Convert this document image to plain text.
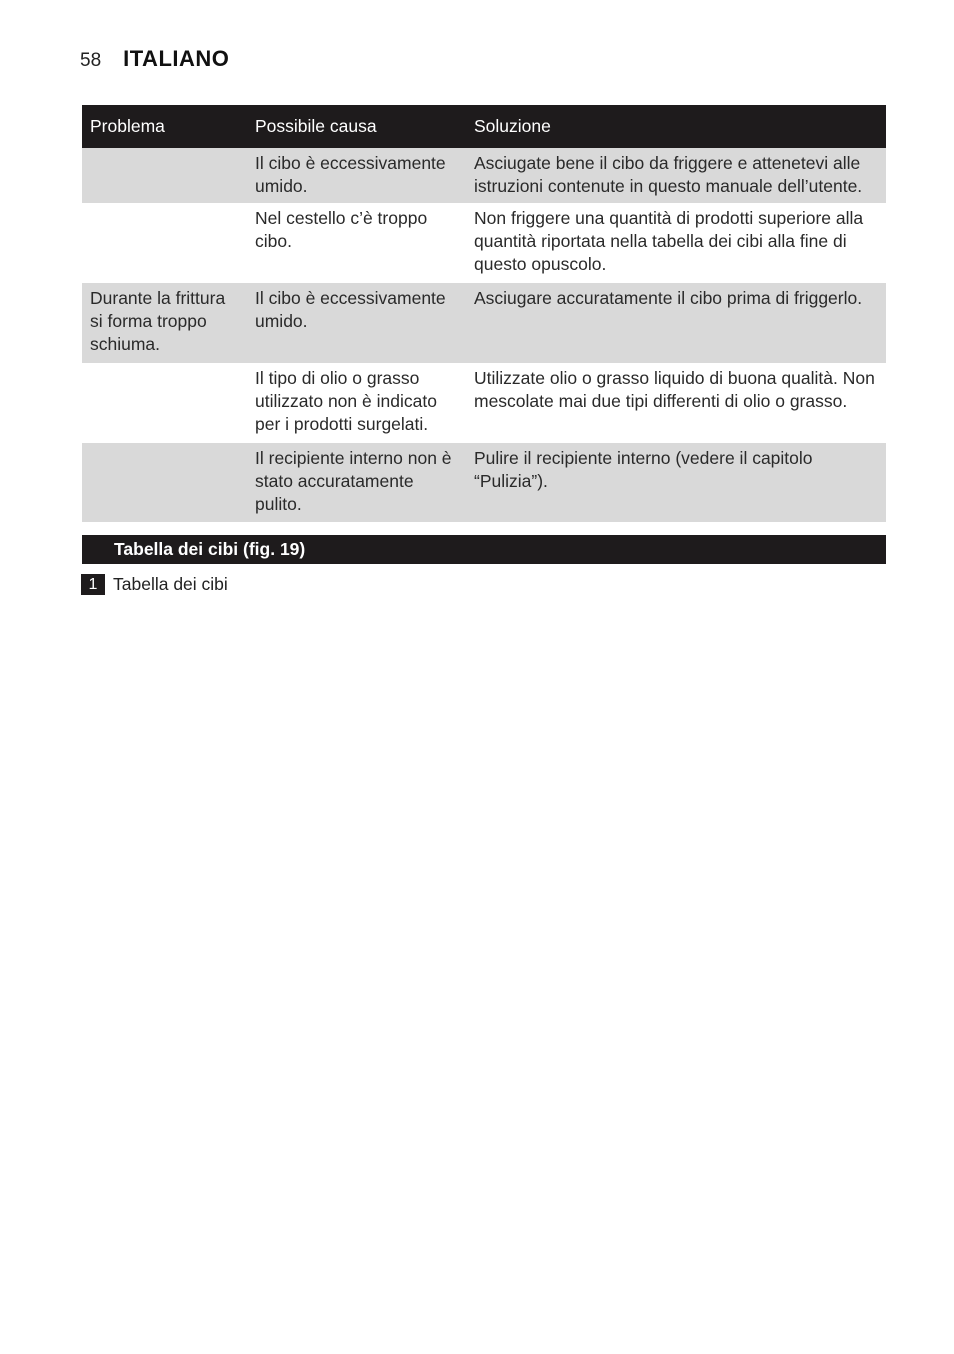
58 ITALIANO
Problema	Possibile causa	Soluzione
	Il cibo è eccessivamente umido.	Asciugate bene il cibo da friggere e attenetevi alle istruzioni contenute in questo manuale dell’utente.
	Nel cestello c’è troppo cibo.	Non friggere una quantità di prodotti superiore alla quantità riportata nella tabella dei cibi alla fine di questo opuscolo.
Durante la frittura si forma troppo schiuma.	Il cibo è eccessivamente umido.	Asciugare accuratamente il cibo prima di friggerlo.
	Il tipo di olio o grasso utilizzato non è indicato per i prodotti surgelati.	Utilizzate olio o grasso liquido di buona qualità. Non mescolate mai due tipi differenti di olio o grasso.
	Il recipiente interno non è stato accuratamente pulito.	Pulire il recipiente interno (vedere il capitolo “Pulizia”).
Tabella dei cibi (fig. 19)
1 Tabella dei cibi
